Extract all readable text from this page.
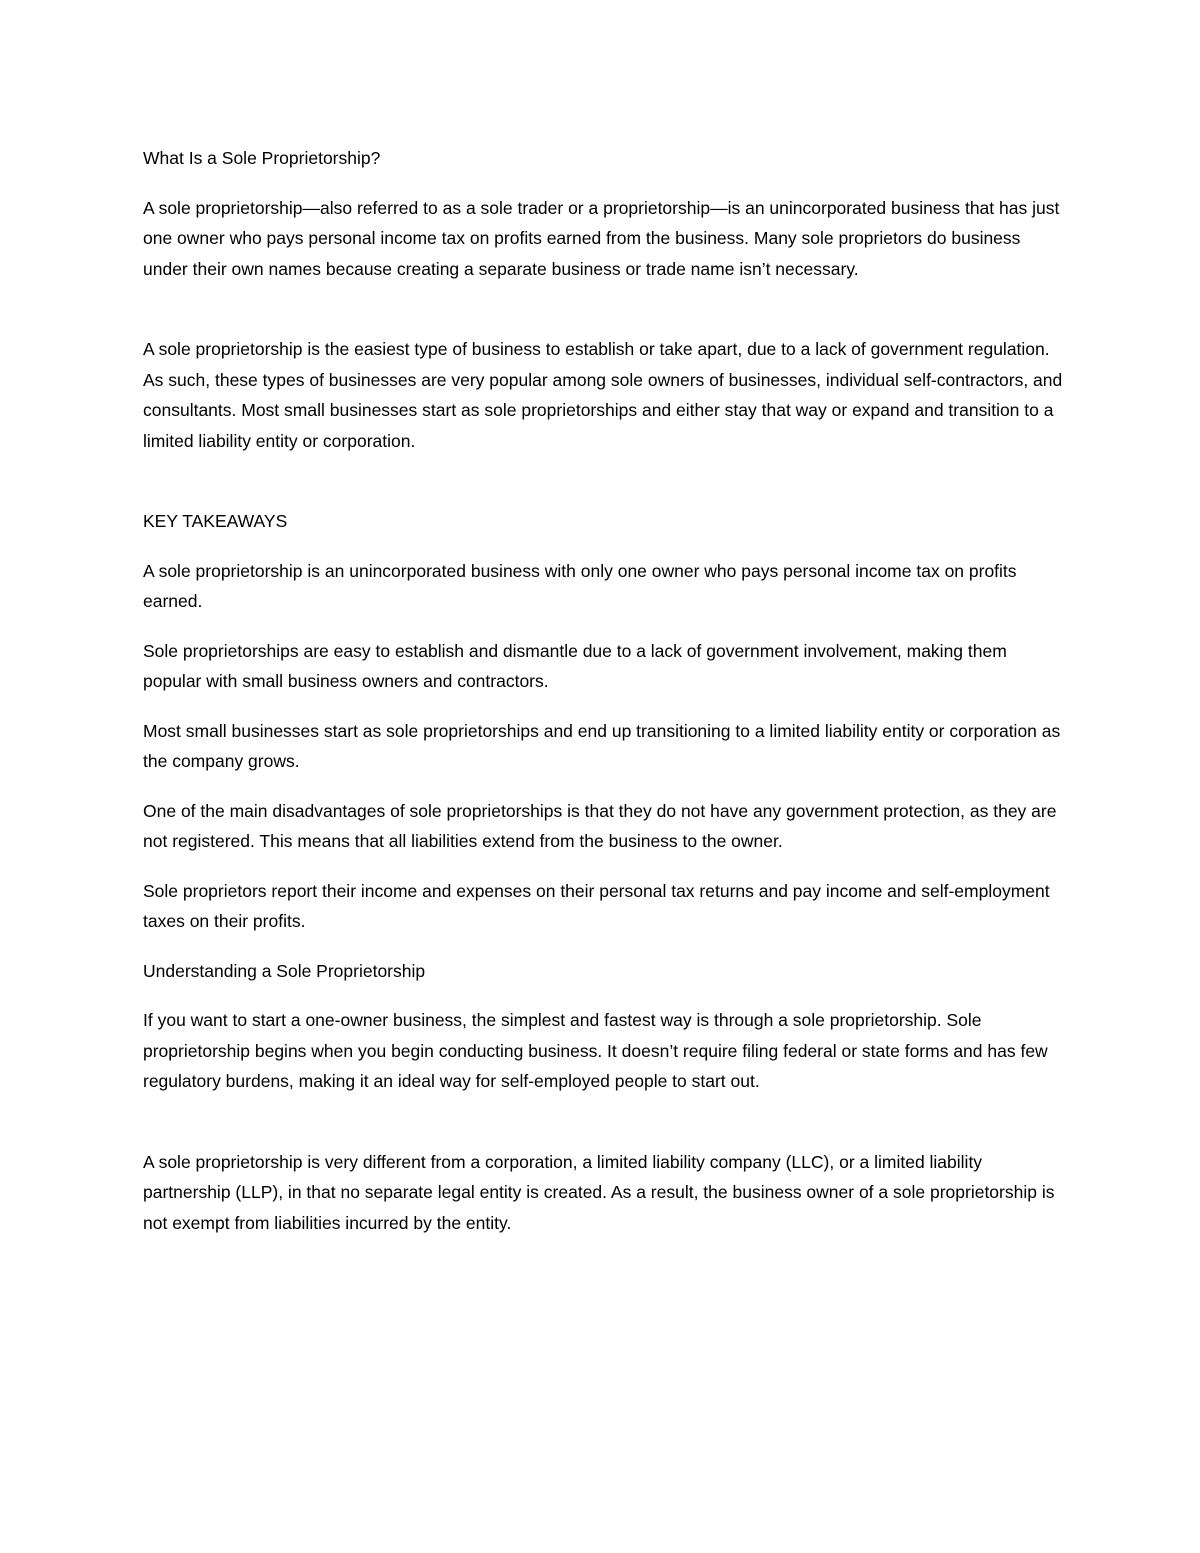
What Is a Sole Proprietorship?

A sole proprietorship—also referred to as a sole trader or a proprietorship—is an unincorporated business that has just one owner who pays personal income tax on profits earned from the business. Many sole proprietors do business under their own names because creating a separate business or trade name isn’t necessary.

A sole proprietorship is the easiest type of business to establish or take apart, due to a lack of government regulation. As such, these types of businesses are very popular among sole owners of businesses, individual self-contractors, and consultants. Most small businesses start as sole proprietorships and either stay that way or expand and transition to a limited liability entity or corporation.

KEY TAKEAWAYS

A sole proprietorship is an unincorporated business with only one owner who pays personal income tax on profits earned.

Sole proprietorships are easy to establish and dismantle due to a lack of government involvement, making them popular with small business owners and contractors.

Most small businesses start as sole proprietorships and end up transitioning to a limited liability entity or corporation as the company grows.

One of the main disadvantages of sole proprietorships is that they do not have any government protection, as they are not registered. This means that all liabilities extend from the business to the owner.

Sole proprietors report their income and expenses on their personal tax returns and pay income and self-employment taxes on their profits.

Understanding a Sole Proprietorship

If you want to start a one-owner business, the simplest and fastest way is through a sole proprietorship. Sole proprietorship begins when you begin conducting business. It doesn’t require filing federal or state forms and has few regulatory burdens, making it an ideal way for self-employed people to start out.

A sole proprietorship is very different from a corporation, a limited liability company (LLC), or a limited liability partnership (LLP), in that no separate legal entity is created. As a result, the business owner of a sole proprietorship is not exempt from liabilities incurred by the entity.
